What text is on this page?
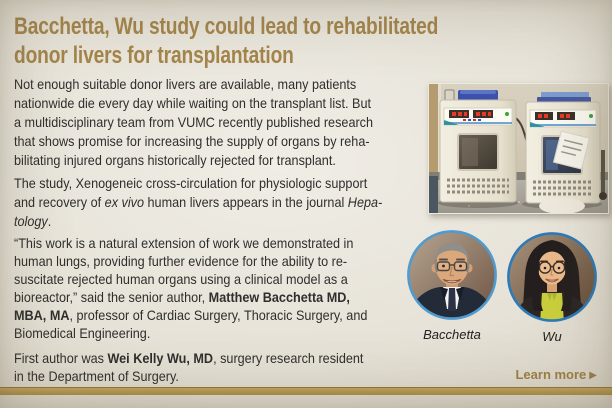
Bacchetta, Wu study could lead to rehabilitated
donor livers for transplantation
Not enough suitable donor livers are available, many patients
nationwide die every day while waiting on the transplant list. But
a multidisciplinary team from VUMC recently published research
that shows promise for increasing the supply of organs by reha-
bilitating injured organs historically rejected for transplant.
The study, Xenogeneic cross-circulation for physiologic support
and recovery of ex vivo human livers appears in the journal Hepa-
tology.
“This work is a natural extension of work we demonstrated in
human lungs, providing further evidence for the ability to re-
suscitate rejected human organs using a clinical model as a
bioreactor,” said the senior author, Matthew Bacchetta MD,
MBA, MA, professor of Cardiac Surgery, Thoracic Surgery, and
Biomedical Engineering.
First author was Wei Kelly Wu, MD, surgery research resident
in the Department of Surgery.
Bacchetta	Wu
Learn more ▶
